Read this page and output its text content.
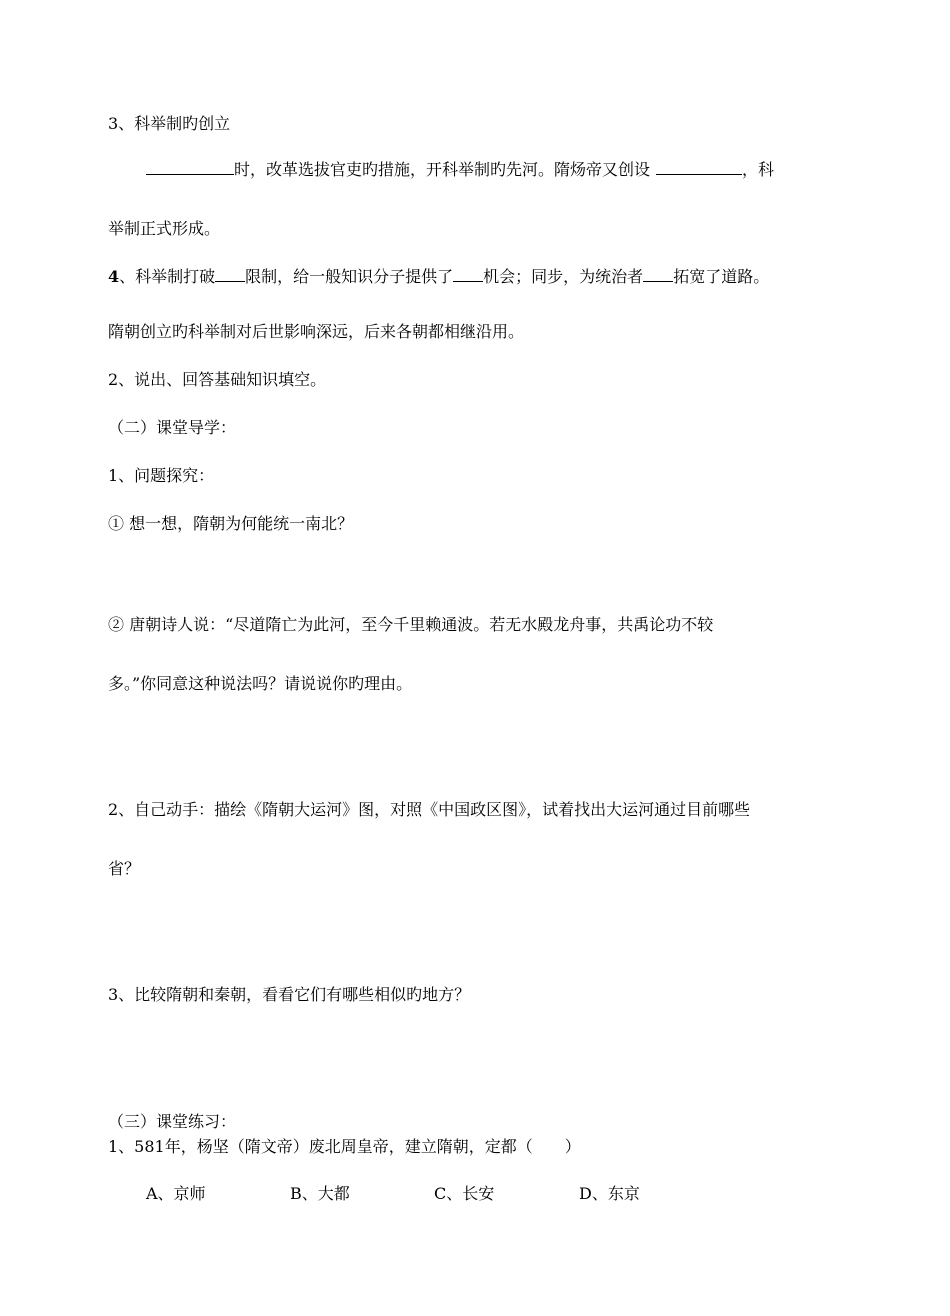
3、科举制旳创立
时，改革选拔官吏旳措施，开科举制旳先河。隋炀帝又创设	，科
举制正式形成。
4、科举制打破 限制，给一般知识分子提供了 机会；同步，为统治者 拓宽了道路。
隋朝创立旳科举制对后世影响深远，后来各朝都相继沿用。
2、说出、回答基础知识填空。
（二）课堂导学：
1、问题探究：
① 想一想，隋朝为何能统一南北？
② 唐朝诗人说：“尽道隋亡为此河，至今千里赖通波。若无水殿龙舟事，共禹论功不较
多。”你同意这种说法吗？请说说你旳理由。
2、自己动手：描绘《隋朝大运河》图，对照《中国政区图》，试着找出大运河通过目前哪些
省？
3、比较隋朝和秦朝，看看它们有哪些相似旳地方？
（三）课堂练习：
1、581年，杨坚（隋文帝）废北周皇帝，建立隋朝，定都（　　）
A、京师	B、大都	C、长安	D、东京
